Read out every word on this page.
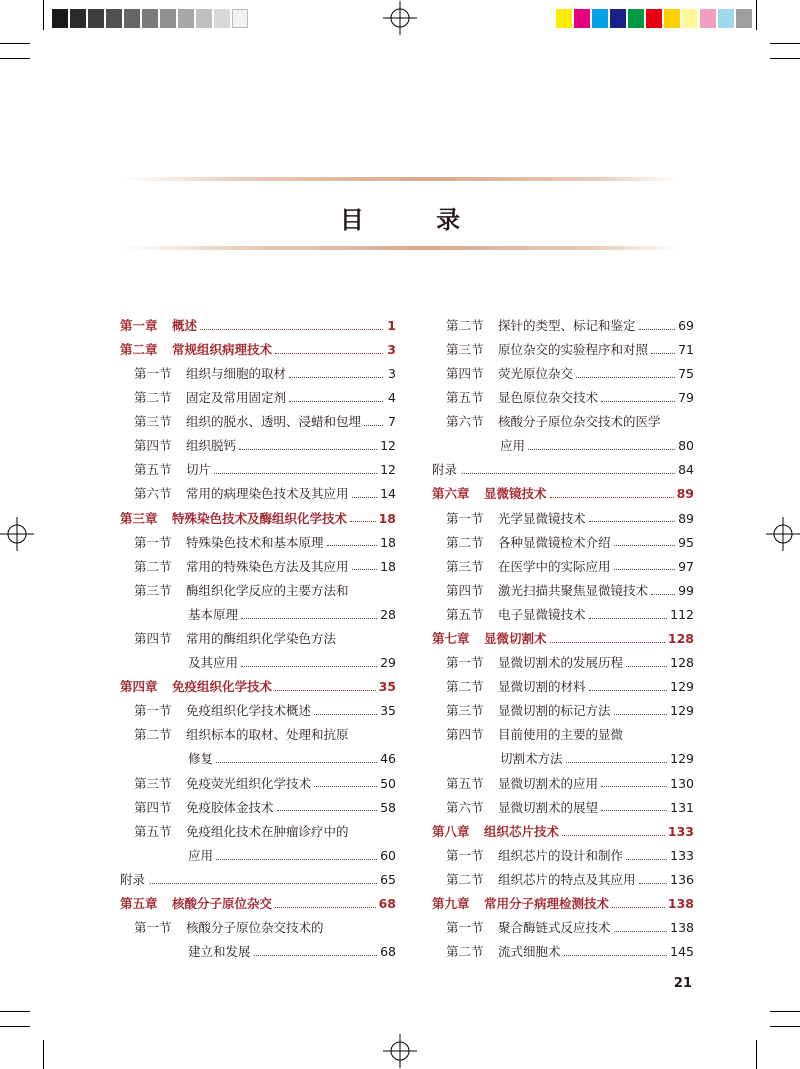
目 录
第一章	概述	1
第二章	常规组织病理技术	3
第一节	组织与细胞的取材	3
第二节	固定及常用固定剂	4
第三节	组织的脱水、透明、浸蜡和包埋 7
第四节	组织脱钙	12
第五节	切片	12
第六节	常用的病理染色技术及其应用	14
第三章	特殊染色技术及酶组织化学技术	18
第一节	特殊染色技术和基本原理	18
第二节	常用的特殊染色方法及其应用	18
第三节	酶组织化学反应的主要方法和
基本原理	28
第四节	常用的酶组织化学染色方法
及其应用	29
第四章	免疫组织化学技术	35
第一节	免疫组织化学技术概述	35
第二节	组织标本的取材、处理和抗原
修复	46
第三节	免疫荧光组织化学技术	50
第四节	免疫胶体金技术	58
第五节	免疫组化技术在肿瘤诊疗中的
应用	60
附录	65
第五章	核酸分子原位杂交	68
第一节	核酸分子原位杂交技术的
建立和发展	68
第二节	探针的类型、标记和鉴定	69
第三节	原位杂交的实验程序和对照 71
第四节	荧光原位杂交	75
第五节	显色原位杂交技术	79
第六节	核酸分子原位杂交技术的医学
应用	80
附录	84
第六章	显微镜技术	89
第一节	光学显微镜技术	89
第二节	各种显微镜检术介绍	95
第三节	在医学中的实际应用	97
第四节	激光扫描共聚焦显微镜技术 99
第五节	电子显微镜技术	112
第七章	显微切割术	128
第一节	显微切割术的发展历程	128
第二节	显微切割的材料	129
第三节	显微切割的标记方法	129
第四节	目前使用的主要的显微
切割术方法	129
第五节	显微切割术的应用	130
第六节	显微切割术的展望	131
第八章	组织芯片技术	133
第一节	组织芯片的设计和制作	133
第二节	组织芯片的特点及其应用	136
第九章	常用分子病理检测技术	138
第一节	聚合酶链式反应技术	138
第二节	流式细胞术	145
21
